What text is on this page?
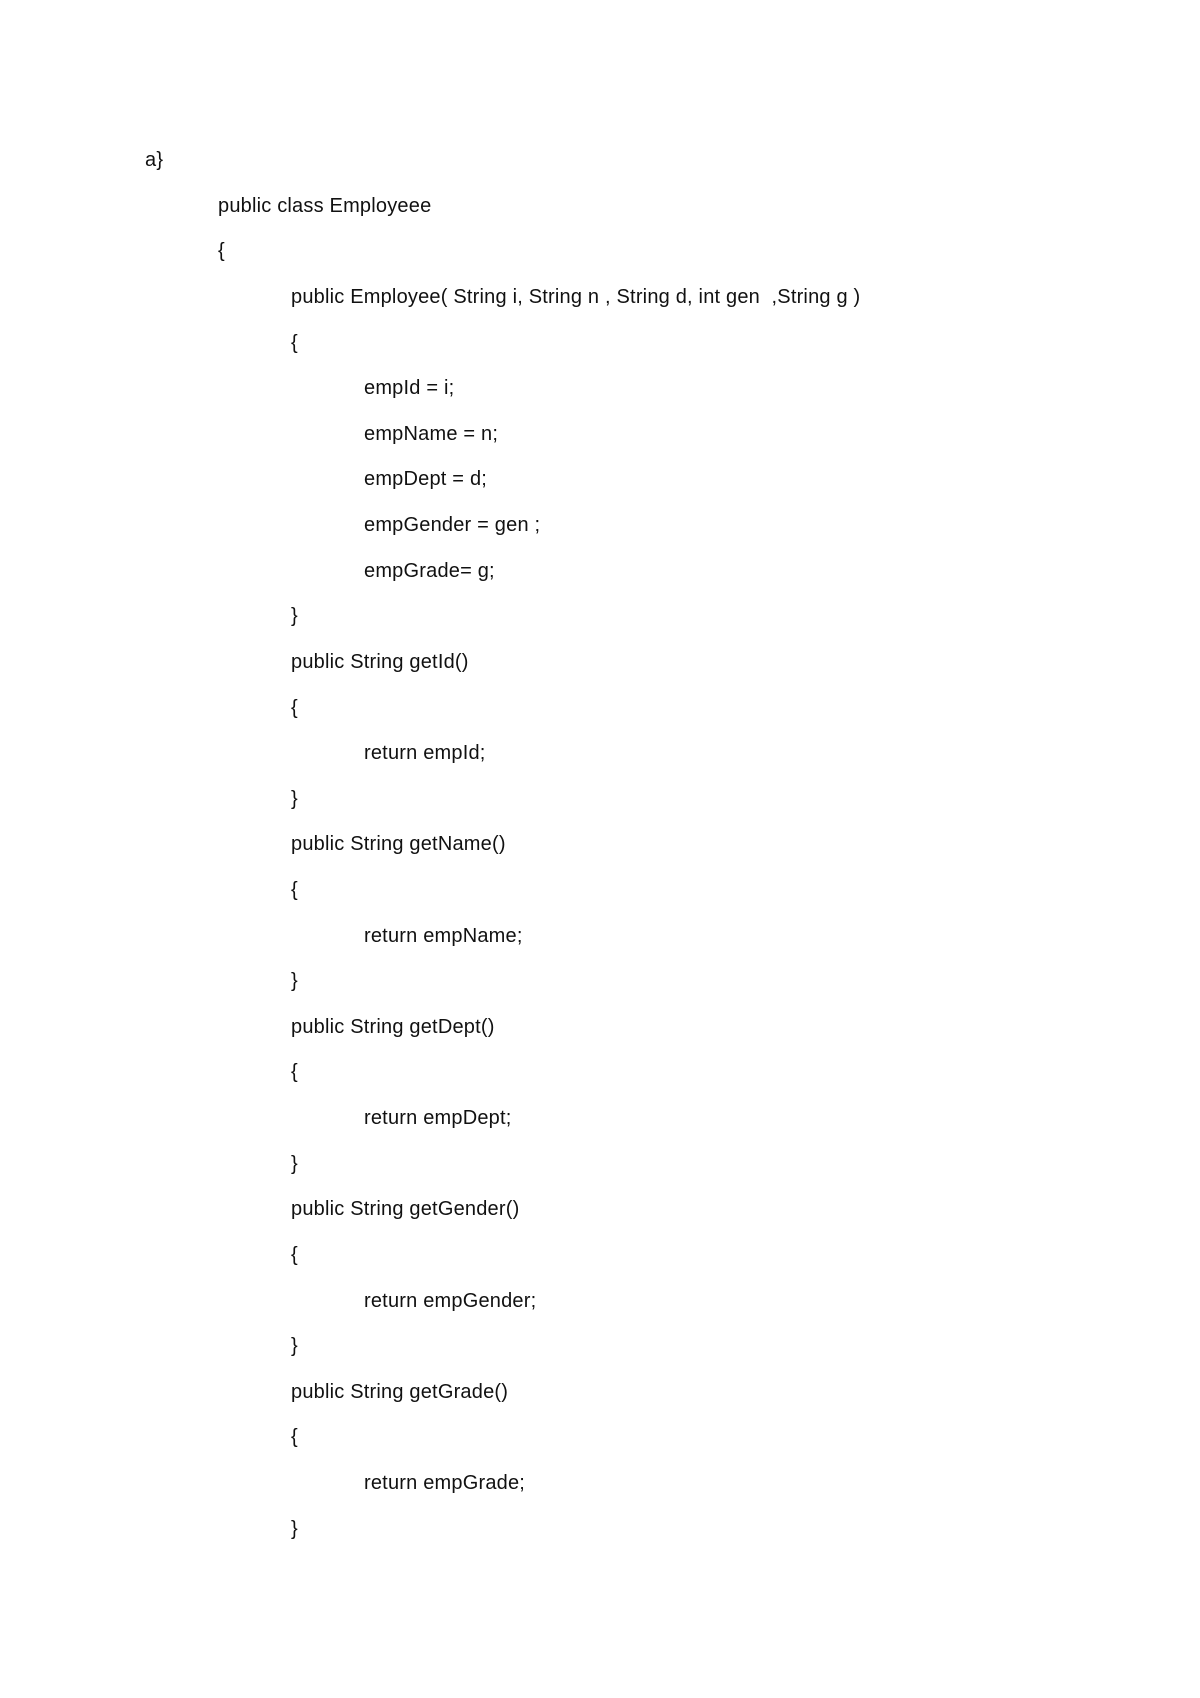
a}
public class Employeee
{
public Employee( String i, String n , String d, int gen  ,String g )
{
empId = i;
empName = n;
empDept = d;
empGender = gen ;
empGrade= g;
}
public String getId()
{
return empId;
}
public String getName()
{
return empName;
}
public String getDept()
{
return empDept;
}
public String getGender()
{
return empGender;
}
public String getGrade()
{
return empGrade;
}
